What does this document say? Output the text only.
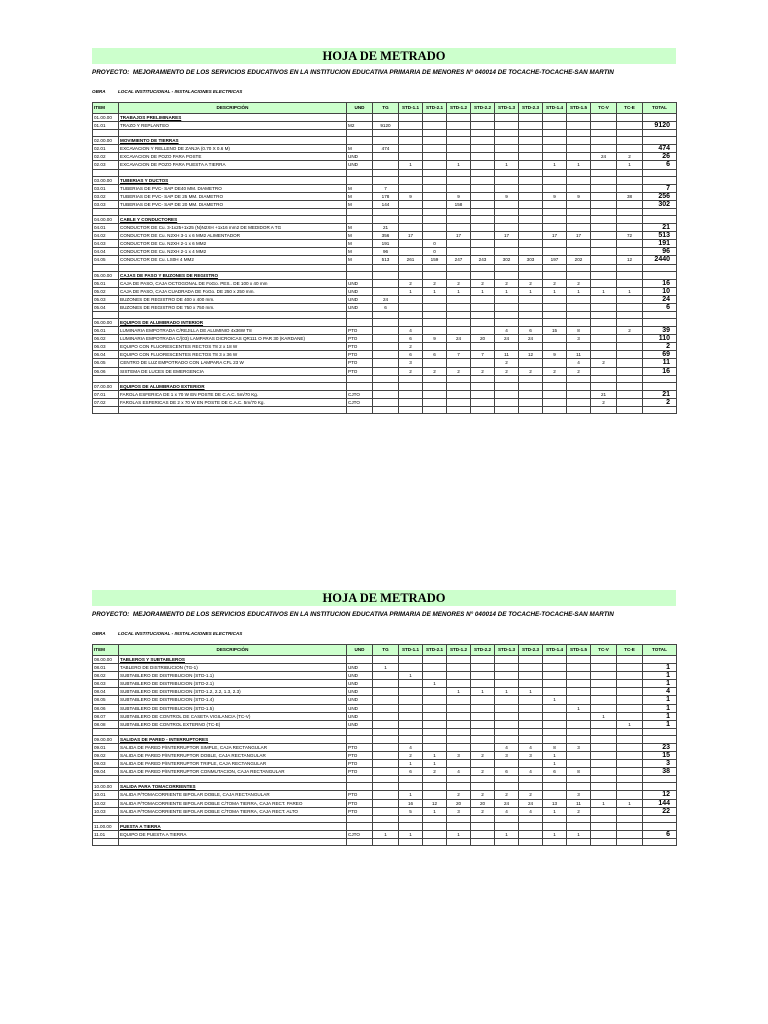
HOJA DE METRADO
PROYECTO: MEJORAMIENTO DE LOS SERVICIOS EDUCATIVOS EN LA INSTITUCION EDUCATIVA PRIMARIA DE MENORES N° 040014 DE TOCACHE-TOCACHE-SAN MARTIN
OBRA	LOCAL INSTITUCIONAL - INSTALACIONES ELECTRICAS
ITEM	DESCRIPCIÓN	UND	TG	STD-1.1	STD-2.1	STD-1.2	STD-2.2	STD-1.3	STD-2.3	STD-1.4	STD-1.5	TC-V	TC-E	TOTAL
01.00.00	TRABAJOS PRELIMINARES													
01.01	TRAZO Y REPLANTEO	M2	9120											9120

02.00.00	MOVIMIENTO DE TIERRAS													
02.01	EXCAVACION Y RELLENO DE ZANJA (0.70 X 0.6 M)	M	474											474
02.02	EXCAVACION DE POZO PARA POSTE	UND										24	2	26
02.03	EXCAVACION DE POZO PARA PUESTA A TIERRA	UND		1		1		1		1	1		1	6

03.00.00	TUBERIAS Y DUCTOS													
03.01	TUBERIAS DE PVC- SAP DE40 MM. DIAMETRO	M	7											7
03.02	TUBERIAS DE PVC- SAP DE 25 MM. DIAMETRO	M	178	9		9		9		9	9		38	256
03.03	TUBERIAS DE PVC- SAP DE 20 MM. DIAMETRO	M	144			158								302

04.00.00	CABLE Y CONDUCTORES													
04.01	CONDUCTOR DE Cu. 3-1x25+1x25 (N)N2XH +1x16 mm2 DE MEDIDOR A TG	M	21											21
04.02	CONDUCTOR DE Cu. N2XH 3-1 x 6 MM2 ALIMENTADOR	M	356	17		17		17		17	17		72	513
04.03	CONDUCTOR DE Cu. N2XH 2-1 x 6 MM2	M	191		0									191
04.04	CONDUCTOR DE Cu. N2XH 2-1 x 4 MM2	M	96		0									96
04.05	CONDUCTOR DE Cu. LS0H 4 MM2	M	513	261	159	247	243	302	303	197	202		12	2440

05.00.00	CAJAS DE PASO Y BUZONES DE REGISTRO													
05.01	CAJA DE PASO, CAJA OCTOGONAL DE FoGo. PES.. DE 100 x 40 mm	UND		2	2	2	2	2	2	2	2			16
05.02	CAJA DE PASO, CAJA CUADRADA DE FoGo. DE 250 x 250 mm.	UND		1	1	1	1	1	1	1	1	1	1	10
05.03	BUZONES DE REGISTRO DE 400 x 400 mm.	UND	24											24
05.04	BUZONES DE REGISTRO DE 750 x 750 mm.	UND	6											6

06.00.00	EQUIPOS DE ALUMBRADO INTERIOR													
06.01	LUMINARIA EMPOTRADA C/REJILLA DE ALUMINIO 4x36W T8	PTO		4				4	6	15	8		2	39
06.02	LUMINARIA EMPOTRADA C/(03) LAMPARAS DICROICAS QR111 O PAR 30 (KARDANE)	PTO		6	9	24	20	24	24		3			110
06.03	EQUIPO CON FLUORESCENTES RECTOS T8 2 x 18 W	PTO		2										2
06.04	EQUIPO CON FLUORESCENTES RECTOS T8 3 x 36 W	PTO		6	6	7	7	11	12	9	11			69
06.05	CENTRO DE LUZ EMPOTRADO CON LAMPARA CFL 23 W	PTO		3				2			4	2		11
06.06	SISTEMA DE LUCES DE EMERGENCIA	PTO		2	2	2	2	2	2	2	2			16

07.00.00	EQUIPOS DE ALUMBRADO EXTERIOR													
07.01	FAROLA ESFERICA DE 1 x 70 W EN POSTE DE C.A.C. 5m/70 Kg.	CJTO										21		21
07.02	FAROLAS ESFERICAS DE 2 x 70 W EN POSTE DE C.A.C. 5m/70 Kg.	CJTO										2		2

HOJA DE METRADO
PROYECTO: MEJORAMIENTO DE LOS SERVICIOS EDUCATIVOS EN LA INSTITUCION EDUCATIVA PRIMARIA DE MENORES N° 040014 DE TOCACHE-TOCACHE-SAN MARTIN
OBRA	LOCAL INSTITUCIONAL - INSTALACIONES ELECTRICAS
ITEM	DESCRIPCIÓN	UND	TG	STD-1.1	STD-2.1	STD-1.2	STD-2.2	STD-1.3	STD-2.3	STD-1.4	STD-1.5	TC-V	TC-E	TOTAL
08.00.00	TABLEROS Y SUBTABLEROS													
08.01	TABLERO DE DISTRIBUCION (TG-1)	UND	1											1
08.02	SUBTABLERO DE DISTRIBUCION (STD-1.1)	UND		1										1
08.03	SUBTABLERO DE DISTRIBUCION (STD-2.1)	UND			1									1
08.04	SUBTABLERO DE DISTRIBUCION (STD-1.2, 2.2, 1.3, 2.3)	UND				1	1	1	1					4
08.05	SUBTABLERO DE DISTRIBUCION (STD-1.4)	UND								1				1
08.06	SUBTABLERO DE DISTRIBUCION (STD-1.5)	UND									1			1
08.07	SUBTABLERO DE CONTROL DE CASETA VIGILANCIA (TC-V)	UND										1		1
08.08	SUBTABLERO DE CONTROL EXTERNO (TC-E)	UND											1	1

09.00.00	SALIDAS DE PARED - INTERRUPTORES													
09.01	SALIDA DE PARED P/INTERRUPTOR SIMPLE, CAJA RECTANGULAR	PTO		4				4	4	8	3			23
09.02	SALIDA DE PARED P/INTERRUPTOR DOBLE, CAJA RECTANGULAR	PTO		2	1	3	2	3	3	1				15
09.03	SALIDA DE PARED P/INTERRUPTOR TRIPLE, CAJA RECTANGULAR	PTO		1	1					1				3
09.04	SALIDA DE PARED P/INTERRUPTOR CONMUTACION, CAJA RECTANGULAR	PTO		6	2	4	2	6	4	6	8			38

10.00.00	SALIDA PARA TOMACORRIENTES													
10.01	SALIDA P/TOMACORRIENTE BIPOLAR DOBLE, CAJA RECTANGULAR	PTO		1		2	2	2	2		3			12
10.02	SALIDA P/TOMACORRIENTE BIPOLAR DOBLE C/TOMA TIERRA, CAJA RECT. PAREO	PTO		16	12	20	20	24	24	13	11	1	1	144
10.03	SALIDA P/TOMACORRIENTE BIPOLAR DOBLE C/TOMA TIERRA, CAJA RECT. ALTO	PTO		5	1	3	2	4	4	1	2			22

11.00.00	PUESTA A TIERRA													
11.01	EQUIPO DE PUESTA A TIERRA	CJTO	1	1		1		1		1	1			6
